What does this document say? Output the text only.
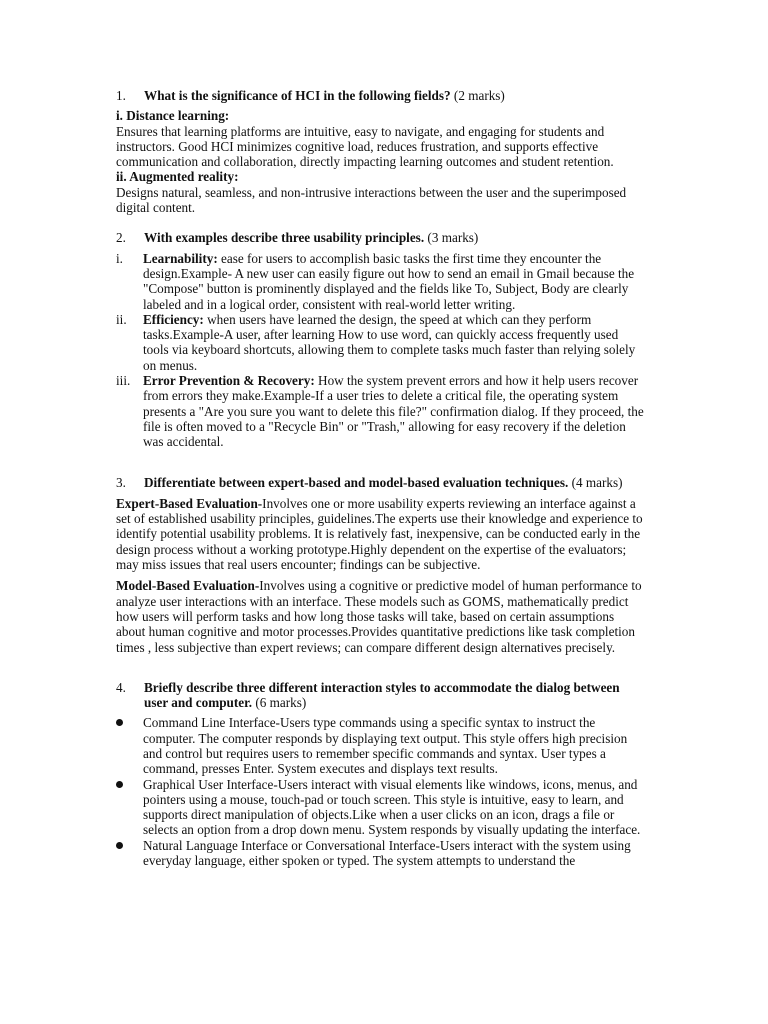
1.	What is the significance of HCI in the following fields? (2 marks)

i. Distance learning:

Ensures that learning platforms are intuitive, easy to navigate, and engaging for students and instructors. Good HCI minimizes cognitive load, reduces frustration, and supports effective communication and collaboration, directly impacting learning outcomes and student retention.

ii. Augmented reality:

Designs natural, seamless, and non-intrusive interactions between the user and the superimposed digital content.

2.	With examples describe three usability principles. (3 marks)
i.	Learnability: ease for users to accomplish basic tasks the first time they encounter the design.Example- A new user can easily figure out how to send an email in Gmail because the "Compose" button is prominently displayed and the fields like To, Subject, Body are clearly labeled and in a logical order, consistent with real-world letter writing.
ii.	Efficiency: when users have learned the design, the speed at which can they perform tasks.Example-A user, after learning How to use word, can quickly access frequently used tools via keyboard shortcuts, allowing them to complete tasks much faster than relying solely on menus.
iii. Error Prevention & Recovery: How the system prevent errors and how it help users recover from errors they make.Example-If a user tries to delete a critical file, the operating system presents a "Are you sure you want to delete this file?" confirmation dialog. If they proceed, the file is often moved to a "Recycle Bin" or "Trash," allowing for easy recovery if the deletion was accidental.
3.	Differentiate between expert-based and model-based evaluation techniques. (4 marks)

Expert-Based Evaluation-Involves one or more usability experts reviewing an interface against a set of established usability principles, guidelines.The experts use their knowledge and experience to identify potential usability problems. It is relatively fast, inexpensive, can be conducted early in the design process without a working prototype.Highly dependent on the expertise of the evaluators; may miss issues that real users encounter; findings can be subjective.

Model-Based Evaluation-Involves using a cognitive or predictive model of human performance to analyze user interactions with an interface. These models such as GOMS, mathematically predict how users will perform tasks and how long those tasks will take, based on certain assumptions about human cognitive and motor processes.Provides quantitative predictions like task completion times , less subjective than expert reviews; can compare different design alternatives precisely.

4.	Briefly describe three different interaction styles to accommodate the dialog between user and computer. (6 marks)
Command Line Interface-Users type commands using a specific syntax to instruct the computer. The computer responds by displaying text output. This style offers high precision and control but requires users to remember specific commands and syntax. User types a command, presses Enter. System executes and displays text results.
Graphical User Interface-Users interact with visual elements like windows, icons, menus, and pointers using a mouse, touch-pad or touch screen. This style is intuitive, easy to learn, and supports direct manipulation of objects.Like when a user clicks on an icon, drags a file or selects an option from a drop down menu. System responds by visually updating the interface.
Natural Language Interface or Conversational Interface-Users interact with the system using everyday language, either spoken or typed. The system attempts to understand the
